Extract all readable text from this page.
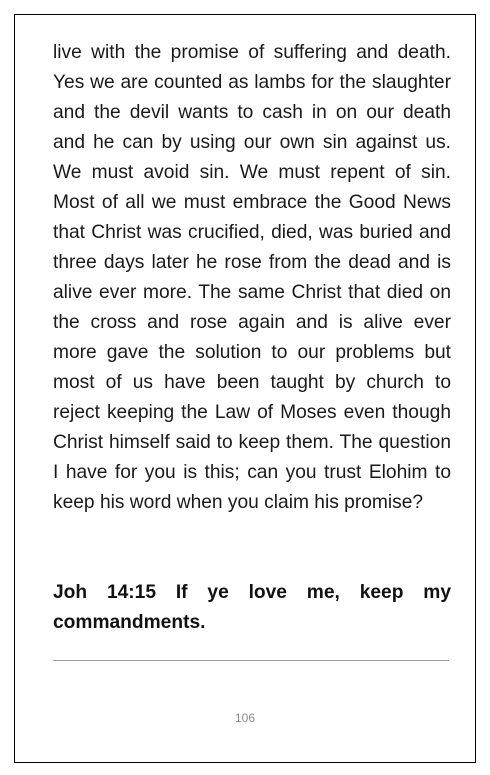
live with the promise of suffering and death. Yes we are counted as lambs for the slaughter and the devil wants to cash in on our death and he can by using our own sin against us. We must avoid sin. We must repent of sin. Most of all we must embrace the Good News that Christ was crucified, died, was buried and three days later he rose from the dead and is alive ever more. The same Christ that died on the cross and rose again and is alive ever more gave the solution to our problems but most of us have been taught by church to reject keeping the Law of Moses even though Christ himself said to keep them. The question I have for you is this; can you trust Elohim to keep his word when you claim his promise?

Joh 14:15 If ye love me, keep my commandments.

106
